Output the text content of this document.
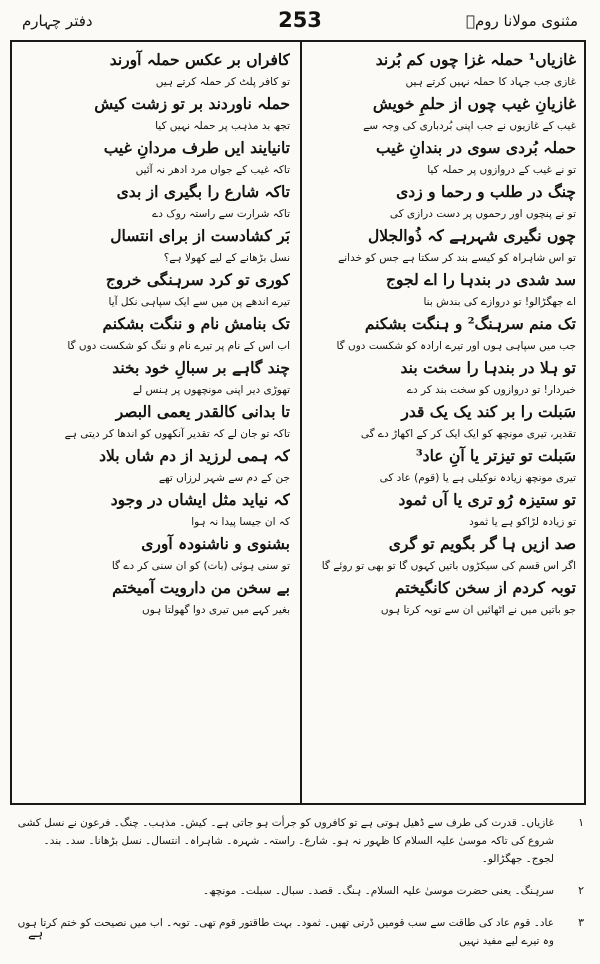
دفتر چہارم	253	مثنوی مولانا رومؒ
غازیاں¹ حملہ غزا چوں کم بُرند
غازی جب جہاد کا حملہ نہیں کرتے ہیں
غازیانِ غیب چوں از حلمِ خویش
غیب کے غازیوں نے جب اپنی بُردباری کی وجہ سے
حملہ بُردی سوی در بندانِ غیب
تو نے غیب کے دروازوں پر حملہ کیا
چنگ در طلب و رحما و زدی
تو نے پنچوں اور رحموں پر دست درازی کی
چوں نگیری شہرہے کہ ذُوالجلال
تو اس شاہراہ کو کیسے بند کر سکتا ہے جس کو خدانے
سد شدی در بندہا را اے لجوج
اے جھگڑالو! تو دروازے کی بندش بنا
تک منم سرہنگ² و ہنگت بشکنم
جب میں سپاہی ہوں اور تیرے ارادہ کو شکست دوں گا
تو ہلا در بندہا را سخت بند
خبردار! تو دروازوں کو سخت بند کر دے
سَبلت را بر کند یک یک قدر
تقدیر، تیری مونچھ کو ایک ایک کر کے اکھاڑ دے گی
سَبلت تو تیزتر یا آنِ عاد³
تیری مونچھ زیادہ نوکیلی ہے یا (قوم) عاد کی
تو ستیزہ رُو تری یا آں ثمود
تو زیادہ لڑاکو ہے یا ثمود
صد ازیں ہا گر بگویم تو گری
اگر اس قسم کی سیکڑوں باتیں کہوں گا تو بھی تو روئے گا
توبہ کردم از سخن کانگیختم
جو باتیں میں نے اٹھائیں ان سے توبہ کرتا ہوں
کافراں بر عکس حملہ آورند
تو کافر پلٹ کر حملہ کرتے ہیں
حملہ ناوردند بر تو زشت کیش
تجھ بد مذہب پر حملہ نہیں کیا
تانیایند ایں طرف مردانِ غیب
تاکہ غیب کے جواں مرد ادھر نہ آئیں
تاکہ شارع را بگیری از بدی
تاکہ شرارت سے راستہ روک دے
بَر کشادست از برای انتسال
نسل بڑھانے کے لیے کھولا ہے؟
کوری تو کرد سرہنگی خروج
تیرے اندھے پن میں سے ایک سپاہی نکل آیا
تک بنامش نام و ننگت بشکنم
اب اس کے نام پر تیرے نام و ننگ کو شکست دوں گا
چند گاہے بر سبالِ خود بخند
تھوڑی دیر اپنی مونچھوں پر ہنس لے
تا بدانی کالقدر یعمی البصر
تاکہ تو جان لے کہ تقدیر آنکھوں کو اندھا کر دیتی ہے
کہ ہمی لرزید از دم شاں بلاد
جن کے دم سے شہر لرزاں تھے
کہ نیاید مثل ایشاں در وجود
کہ ان جیسا پیدا نہ ہوا
بشنوی و ناشنودہ آوری
تو سنی ہوئی (بات) کو ان سنی کر دے گا
بے سخن من دارویت آمیختم
بغیر کہے میں تیری دوا گھولتا ہوں
۱
غازیاں۔ قدرت کی طرف سے ڈھیل ہوتی ہے تو کافروں کو جرأت ہو جاتی ہے۔ کیش۔ مذہب۔ چنگ۔ فرعون نے نسل کشی شروع کی تاکہ موسیٰ علیہ السلام کا ظہور نہ ہو۔ شارع۔ راستہ۔ شہرہ۔ شاہراہ۔ انتسال۔ نسل بڑھانا۔ سد۔ بند۔ لجوج۔ جھگڑالو۔
۲
سرہنگ۔ یعنی حضرت موسیٰ علیہ السلام۔ ہنگ۔ قصد۔ سبال۔ سبلت۔ مونچھ۔
۳
عاد۔ قوم عاد کی طاقت سے سب قومیں ڈرتی تھیں۔ ثمود۔ بہت طاقتور قوم تھی۔ توبہ۔ اب میں نصیحت کو ختم کرتا ہوں وہ تیرے لیے مفید نہیں
ہے
